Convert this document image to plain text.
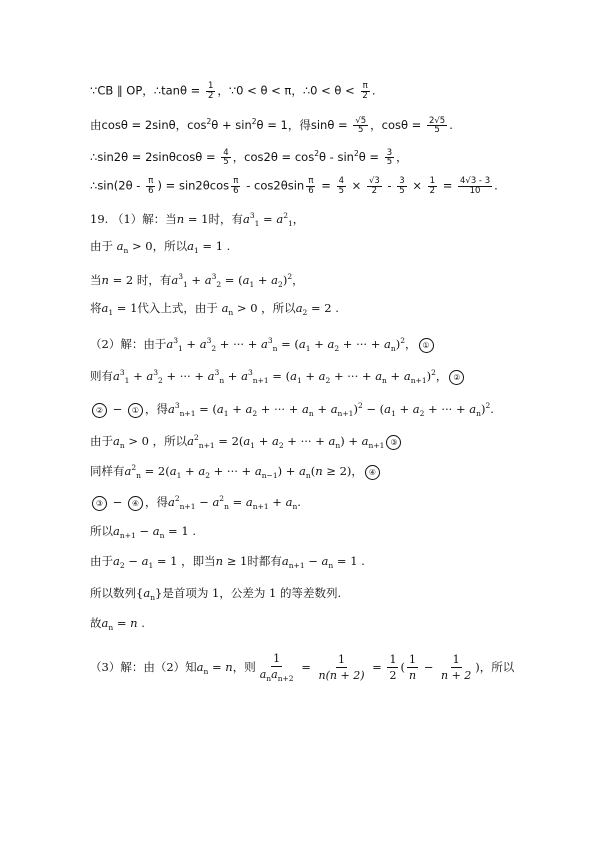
∵CB ∥ OP，∴tanθ = $\frac{1}{2}$ ，∵0 < θ < π，∴0 < $\theta < \frac{\pi}{2}$ .
由cosθ = 2sinθ，$\cos^2\theta + \sin^2\theta = 1$，得$\sin\theta = \frac{√5}{5}$ ，$\cos\theta = \frac{2√5}{5}$ .
∴sin2θ = $2\sin\theta\cos\theta = \frac{4}{5}$ ，$\cos 2\theta = \cos^2\theta - \sin^2\theta = \frac{3}{5}$ ，
∴sin(2θ - $\frac{\pi}{6}$ ) = $\sin 2\theta\cos \frac{\pi}{6} - \cos 2\theta\sin \frac{\pi}{6} = \frac{4}{5} \times \frac{√3}{2} - \frac{3}{5} \times \frac{1}{2} = \frac{4√3 - 3}{10}$ .
19. （1）解：当n = 1时，有$a^3_1 = a^2_1$，
由于 $a_n > 0$，所以$a_1 = 1$ .
当n = 2 时，有$a^3_1 + a^3_2 = (a_1 + a_2)^2$，
将$a_1 = 1$代入上式，由于 $a_n > 0$ ，所以$a_2 = 2$ .
（2）解：由于$a^3_1 + a^3_2$ + ··· + $a^3_n = (a_1 + a_2$ + ··· + $a_n)^2$， ①
则有$a^3_1 + a^3_2$ + ··· + $a^3_n + a^3_{n+1} = (a_1 + a_2$ + ··· + $a_n + a_{n+1})^2$， ②
② − ① ，得$a^3_{n+1} = (a_1 + a_2$ + ··· + $a_n + a_{n+1})^2 - (a_1 + a_2$ + ··· + $a_n)^2$.
由于$a_n > 0$ ，所以$a^2_{n+1} = 2(a_1 + a_2$ + ··· + $a_n) + a_{n+1}$ ③
同样有$a^2_n = 2(a_1 + a_2$ + ··· + $a_{n-1}) + a_n(n \ge 2)$， ④
③ − ④ ，得$a^2_{n+1} - a^2_n = a_{n+1} + a_n$.
所以$a_{n+1} - a_n = 1$ .
由于$a_2 - a_1 = 1$ ，即当n ≥ 1时都有$a_{n+1} - a_n = 1$ .
所以数列$\{a_n\}$是首项为 1，公差为 1 的等差数列.
故$a_n = n$ .
（3）解：由（2）知$a_n = n$，则 $\frac{1}{a_na_{n+2}} = \frac{1}{n(n + 2)} = \frac{1}{2}$ ( $\frac{1}{n} - \frac{1}{n + 2}$ )，所以
